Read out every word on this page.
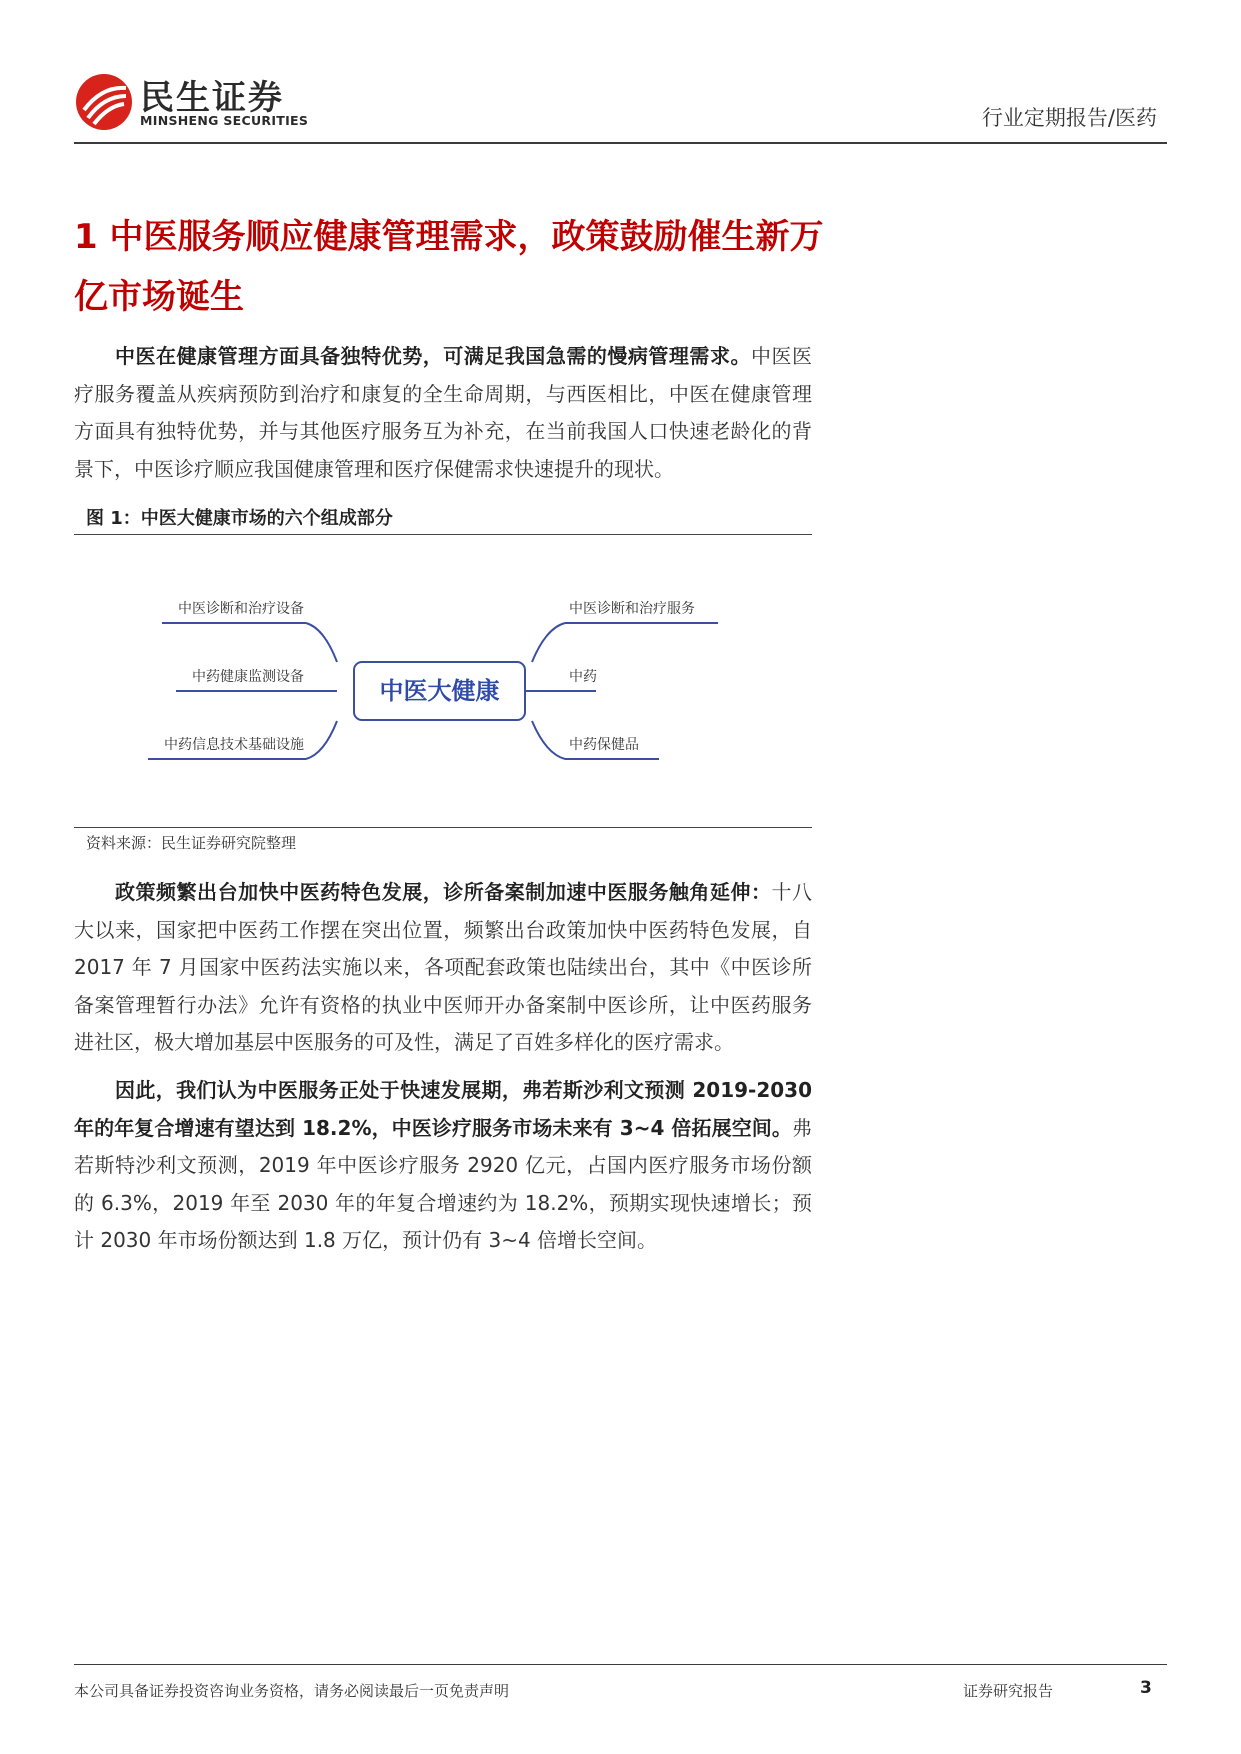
民生证券
MINSHENG SECURITIES	行业定期报告/医药
1 中医服务顺应健康管理需求，政策鼓励催生新万
亿市场诞生
中医在健康管理方面具备独特优势，可满足我国急需的慢病管理需求。中医医疗服务覆盖从疾病预防到治疗和康复的全生命周期，与西医相比，中医在健康管理方面具有独特优势，并与其他医疗服务互为补充，在当前我国人口快速老龄化的背景下，中医诊疗顺应我国健康管理和医疗保健需求快速提升的现状。
图 1：中医大健康市场的六个组成部分
中医大健康
中医诊断和治疗设备
中药健康监测设备
中药信息技术基础设施
中医诊断和治疗服务
中药
中药保健品
资料来源：民生证券研究院整理
政策频繁出台加快中医药特色发展，诊所备案制加速中医服务触角延伸：十八大以来，国家把中医药工作摆在突出位置，频繁出台政策加快中医药特色发展，自 2017 年 7 月国家中医药法实施以来，各项配套政策也陆续出台，其中《中医诊所备案管理暂行办法》允许有资格的执业中医师开办备案制中医诊所，让中医药服务进社区，极大增加基层中医服务的可及性，满足了百姓多样化的医疗需求。
因此，我们认为中医服务正处于快速发展期，弗若斯沙利文预测 2019-2030 年的年复合增速有望达到 18.2%，中医诊疗服务市场未来有 3~4 倍拓展空间。弗若斯特沙利文预测，2019 年中医诊疗服务 2920 亿元，占国内医疗服务市场份额的 6.3%，2019 年至 2030 年的年复合增速约为 18.2%，预期实现快速增长；预计 2030 年市场份额达到 1.8 万亿，预计仍有 3~4 倍增长空间。
本公司具备证券投资咨询业务资格，请务必阅读最后一页免责声明	证券研究报告	3
